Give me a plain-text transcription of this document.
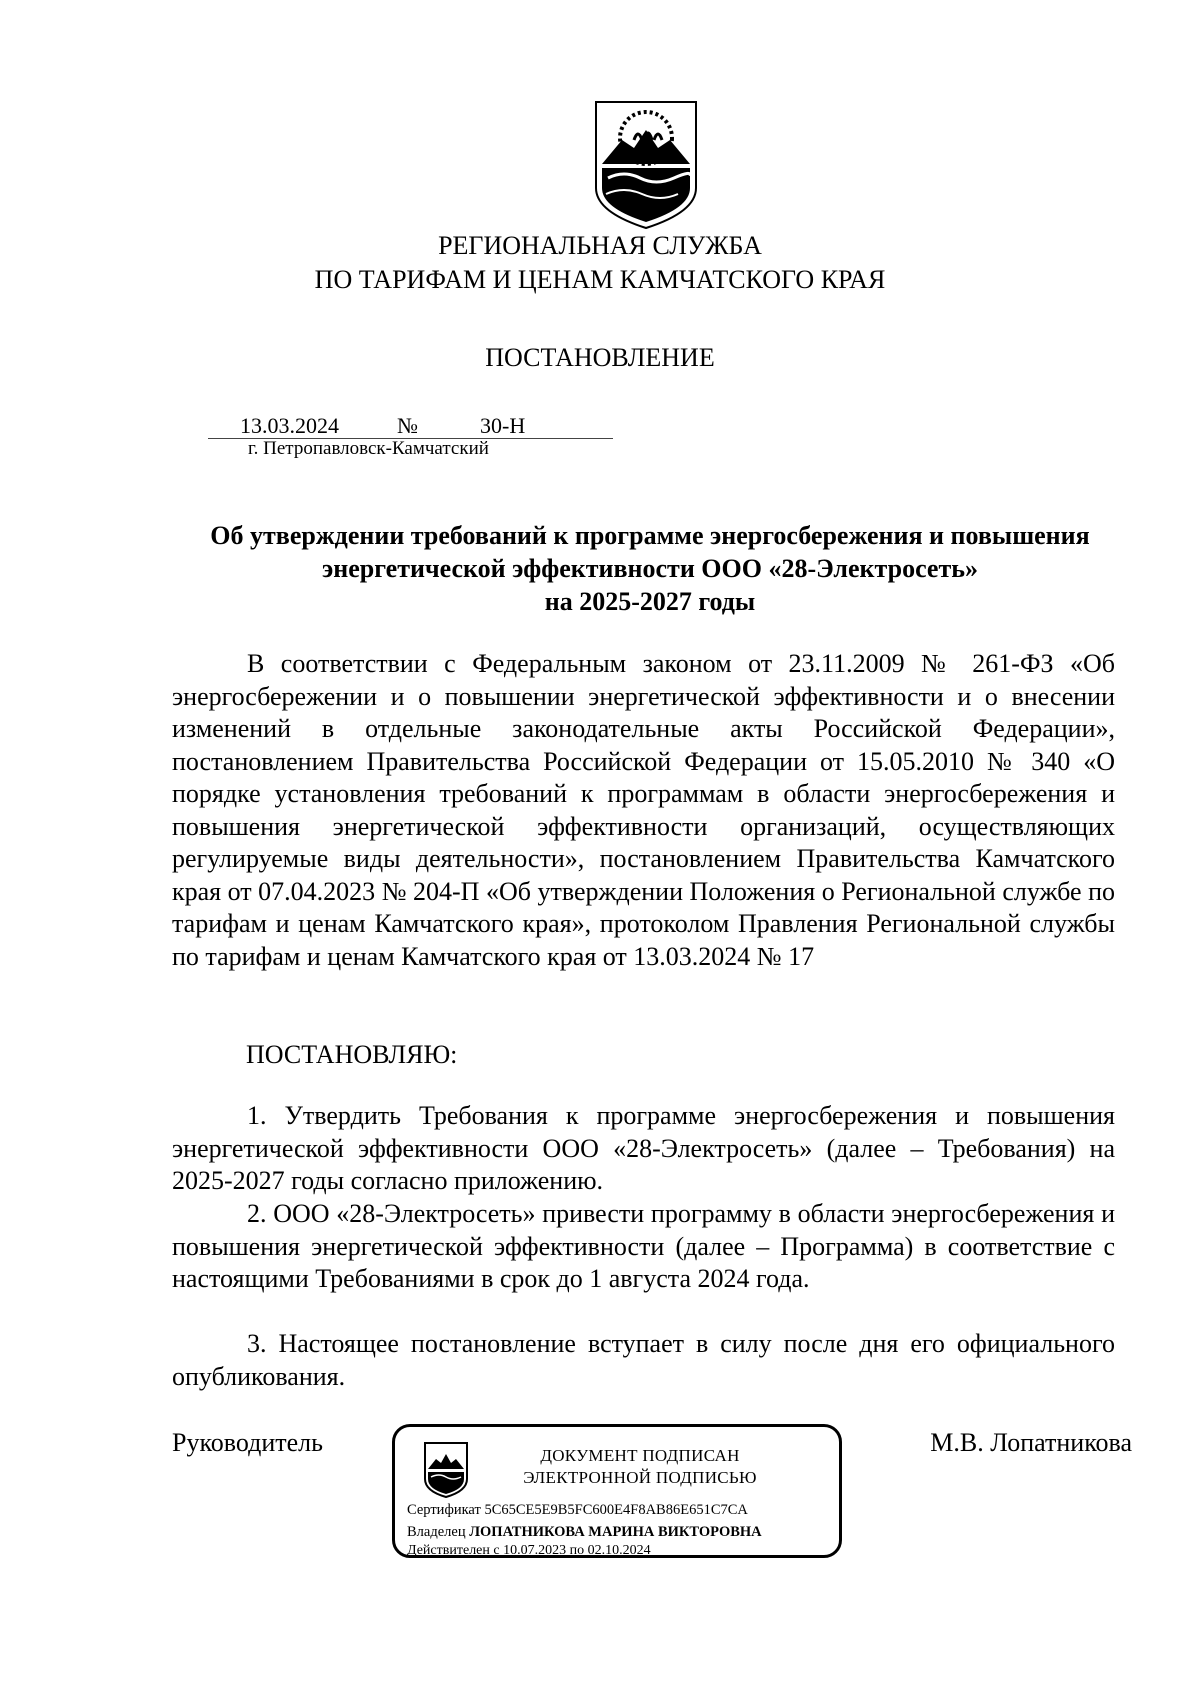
РЕГИОНАЛЬНАЯ СЛУЖБА
ПО ТАРИФАМ И ЦЕНАМ КАМЧАТСКОГО КРАЯ
ПОСТАНОВЛЕНИЕ
13.03.2024	№	30-Н
г. Петропавловск-Камчатский
Об утверждении требований к программе энергосбережения и повышения
энергетической эффективности ООО «28-Электросеть»
на 2025-2027 годы
В соответствии с Федеральным законом от 23.11.2009 № 261-ФЗ «Об энергосбережении и о повышении энергетической эффективности и о внесении изменений в отдельные законодательные акты Российской Федерации», постановлением Правительства Российской Федерации от 15.05.2010 № 340 «О порядке установления требований к программам в области энергосбережения и повышения энергетической эффективности организаций, осуществляющих регулируемые виды деятельности», постановлением Правительства Камчатского края от 07.04.2023 № 204-П «Об утверждении Положения о Региональной службе по тарифам и ценам Камчатского края», протоколом Правления Региональной службы по тарифам и ценам Камчатского края от 13.03.2024 № 17
ПОСТАНОВЛЯЮ:
1. Утвердить Требования к программе энергосбережения и повышения энергетической эффективности ООО «28-Электросеть» (далее – Требования) на 2025-2027 годы согласно приложению.
2. ООО «28-Электросеть» привести программу в области энергосбережения и повышения энергетической эффективности (далее – Программа) в соответствие с настоящими Требованиями в срок до 1 августа 2024 года.
3. Настоящее постановление вступает в силу после дня его официального опубликования.
Руководитель	М.В. Лопатникова
ДОКУМЕНТ ПОДПИСАН
ЭЛЕКТРОННОЙ ПОДПИСЬЮ
Сертификат 5C65CE5E9B5FC600E4F8AB86E651C7CA
Владелец ЛОПАТНИКОВА МАРИНА ВИКТОРОВНА
Действителен с 10.07.2023 по 02.10.2024
